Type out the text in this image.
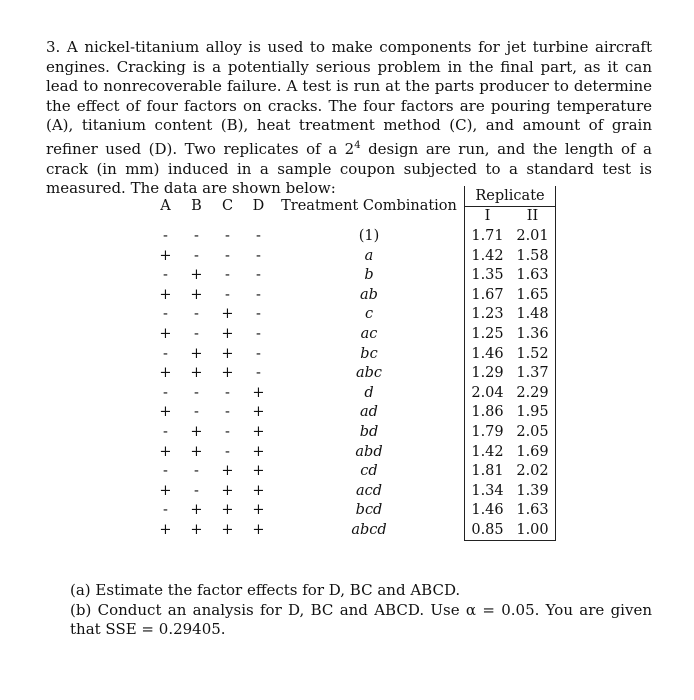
3. A nickel-titanium alloy is used to make components for jet turbine aircraft engines. Cracking is a potentially serious problem in the final part, as it can lead to nonrecoverable failure. A test is run at the parts producer to determine the effect of four factors on cracks. The four factors are pouring temperature (A), titanium content (B), heat treatment method (C), and amount of grain refiner used (D). Two replicates of a $2^4$ design are run, and the length of a crack (in mm) induced in a sample coupon subjected to a standard test is measured. The data are shown below:

A	B	C	D	Treatment Combination	Replicate	
					I	II
-	-	-	-	(1)	1.71	2.01
+	-	-	-	a	1.42	1.58
-	+	-	-	b	1.35	1.63
+	+	-	-	ab	1.67	1.65
-	-	+	-	c	1.23	1.48
+	-	+	-	ac	1.25	1.36
-	+	+	-	bc	1.46	1.52
+	+	+	-	abc	1.29	1.37
-	-	-	+	d	2.04	2.29
+	-	-	+	ad	1.86	1.95
-	+	-	+	bd	1.79	2.05
+	+	-	+	abd	1.42	1.69
-	-	+	+	cd	1.81	2.02
+	-	+	+	acd	1.34	1.39
-	+	+	+	bcd	1.46	1.63
+	+	+	+	abcd	0.85	1.00

(a) Estimate the factor effects for D, BC and ABCD.

(b) Conduct an analysis for D, BC and ABCD. Use α = 0.05. You are given that SSE = 0.29405.
